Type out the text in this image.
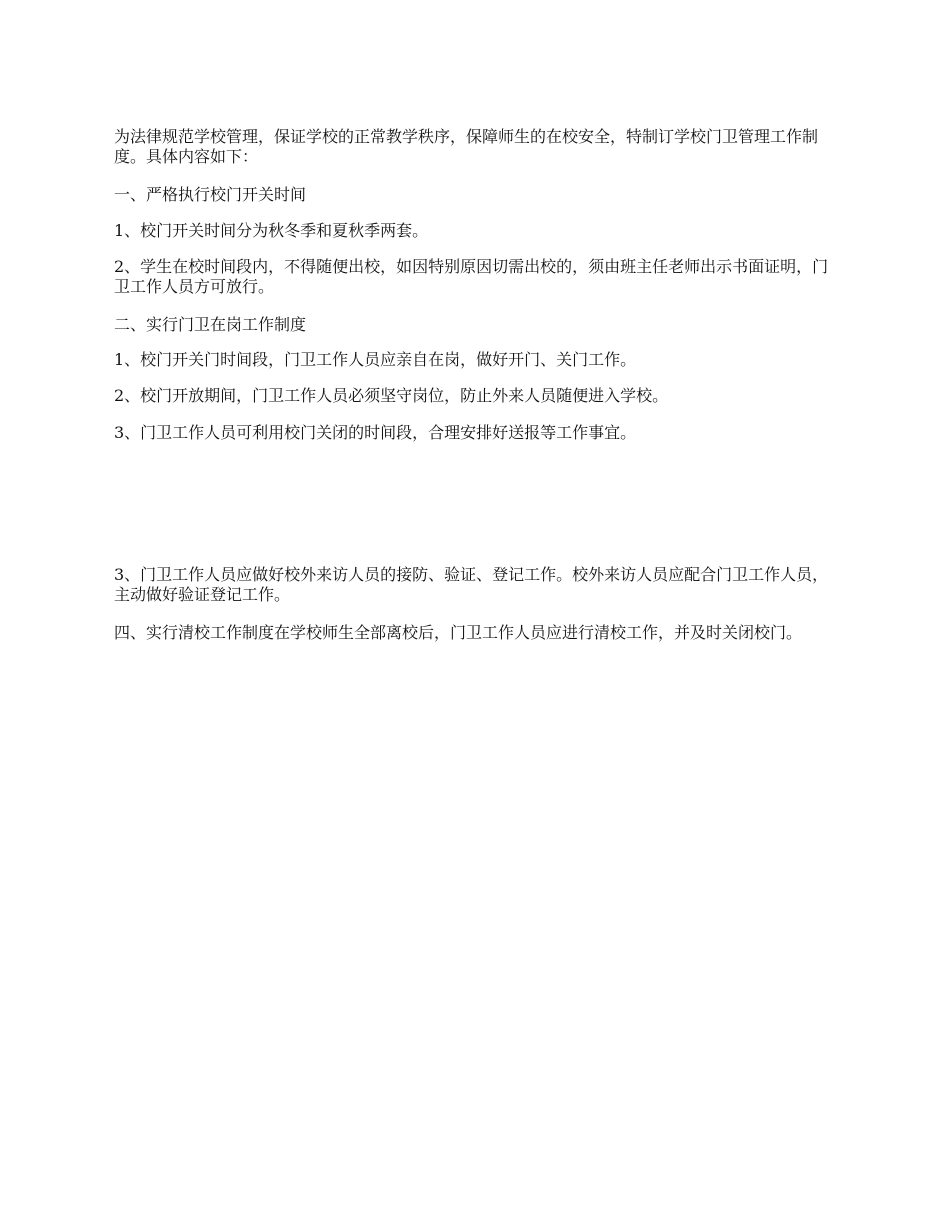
为法律规范学校管理，保证学校的正常教学秩序，保障师生的在校安全，特制订学校门卫管理工作制度。具体内容如下：

一、严格执行校门开关时间

1、校门开关时间分为秋冬季和夏秋季两套。

2、学生在校时间段内，不得随便出校，如因特别原因切需出校的，须由班主任老师出示书面证明，门卫工作人员方可放行。

二、实行门卫在岗工作制度

1、校门开关门时间段，门卫工作人员应亲自在岗，做好开门、关门工作。

2、校门开放期间，门卫工作人员必须坚守岗位，防止外来人员随便进入学校。

3、门卫工作人员可利用校门关闭的时间段，合理安排好送报等工作事宜。

3、门卫工作人员应做好校外来访人员的接防、验证、登记工作。校外来访人员应配合门卫工作人员，主动做好验证登记工作。

四、实行清校工作制度在学校师生全部离校后，门卫工作人员应进行清校工作，并及时关闭校门。
